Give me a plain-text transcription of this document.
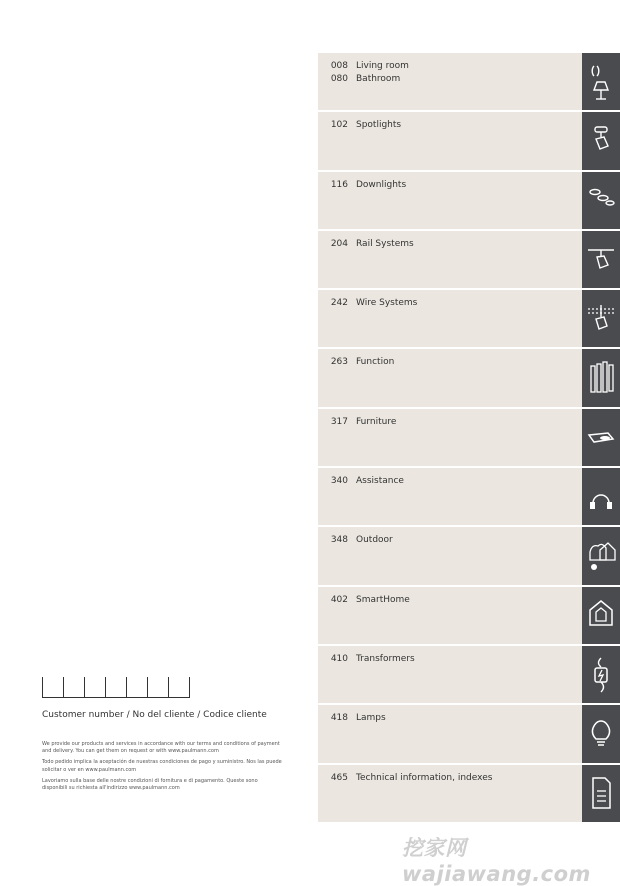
008 Living room
080 Bathroom
102 Spotlights
116 Downlights
204 Rail Systems
242 Wire Systems
263 Function
317 Furniture
340 Assistance
348 Outdoor
402 SmartHome
410 Transformers
418 Lamps
465 Technical information, indexes
Customer number / No del cliente / Codice cliente

We provide our products and services in accordance with our terms and conditions of payment and delivery. You can get them on request or with www.paulmann.com

Todo pedido implica la aceptación de nuestras condiciones de pago y suministro. Nos las puede solicitar o ver en www.paulmann.com

Lavoriamo sulla base delle nostre condizioni di fornitura e di pagamento. Queste sono disponibili su richiesta all'indirizzo www.paulmann.com

挖家网 wajiawang.com
